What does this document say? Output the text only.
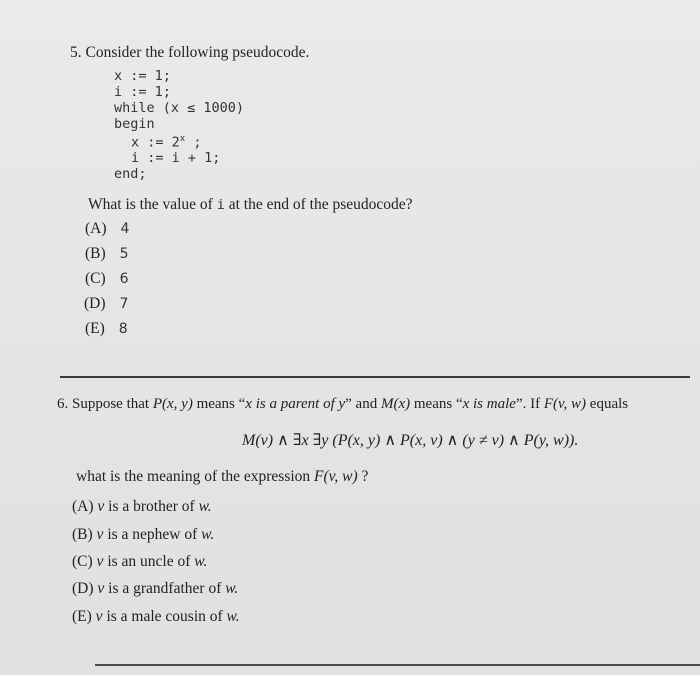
5. Consider the following pseudocode.
x := 1;
i := 1;
while (x ≤ 1000)
begin
x := $2^x$ ;
i := i + 1;
end;
What is the value of i at the end of the pseudocode?
(A) 4
(B) 5
(C) 6
(D) 7
(E) 8
6. Suppose that P(x, y) means “x is a parent of y” and M(x) means “x is male”. If F(v, w) equals
M(v) ∧ ∃x ∃y (P(x, y) ∧ P(x, v) ∧ (y ≠ v) ∧ P(y, w)).
what is the meaning of the expression F(v, w) ?
(A) v is a brother of w.
(B) v is a nephew of w.
(C) v is an uncle of w.
(D) v is a grandfather of w.
(E) v is a male cousin of w.
